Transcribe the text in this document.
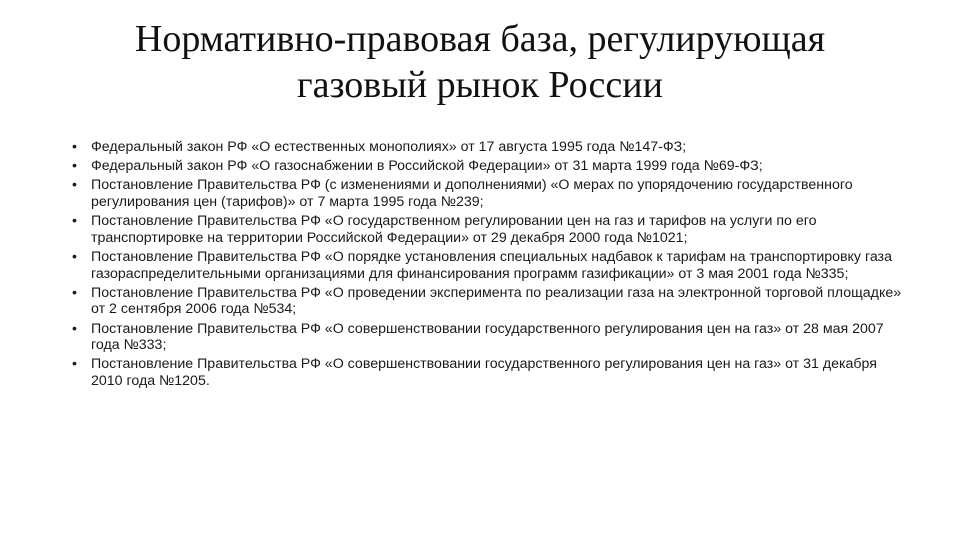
Нормативно-правовая база, регулирующая
газовый рынок России
• Федеральный закон РФ «О естественных монополиях» от 17 августа 1995 года №147-ФЗ;
• Федеральный закон РФ «О газоснабжении в Российской Федерации» от 31 марта 1999 года №69-ФЗ;
• Постановление Правительства РФ (с изменениями и дополнениями) «О мерах по упорядочению государственного регулирования цен (тарифов)» от 7 марта 1995 года №239;
• Постановление Правительства РФ «О государственном регулировании цен на газ и тарифов на услуги по его транспортировке на территории Российской Федерации» от 29 декабря 2000 года №1021;
• Постановление Правительства РФ «О порядке установления специальных надбавок к тарифам на транспортировку газа газораспределительными организациями для финансирования программ газификации» от 3 мая 2001 года №335;
• Постановление Правительства РФ «О проведении эксперимента по реализации газа на электронной торговой площадке» от 2 сентября 2006 года №534;
• Постановление Правительства РФ «О совершенствовании государственного регулирования цен на газ» от 28 мая 2007 года №333;
• Постановление Правительства РФ «О совершенствовании государственного регулирования цен на газ» от 31 декабря 2010 года №1205.
